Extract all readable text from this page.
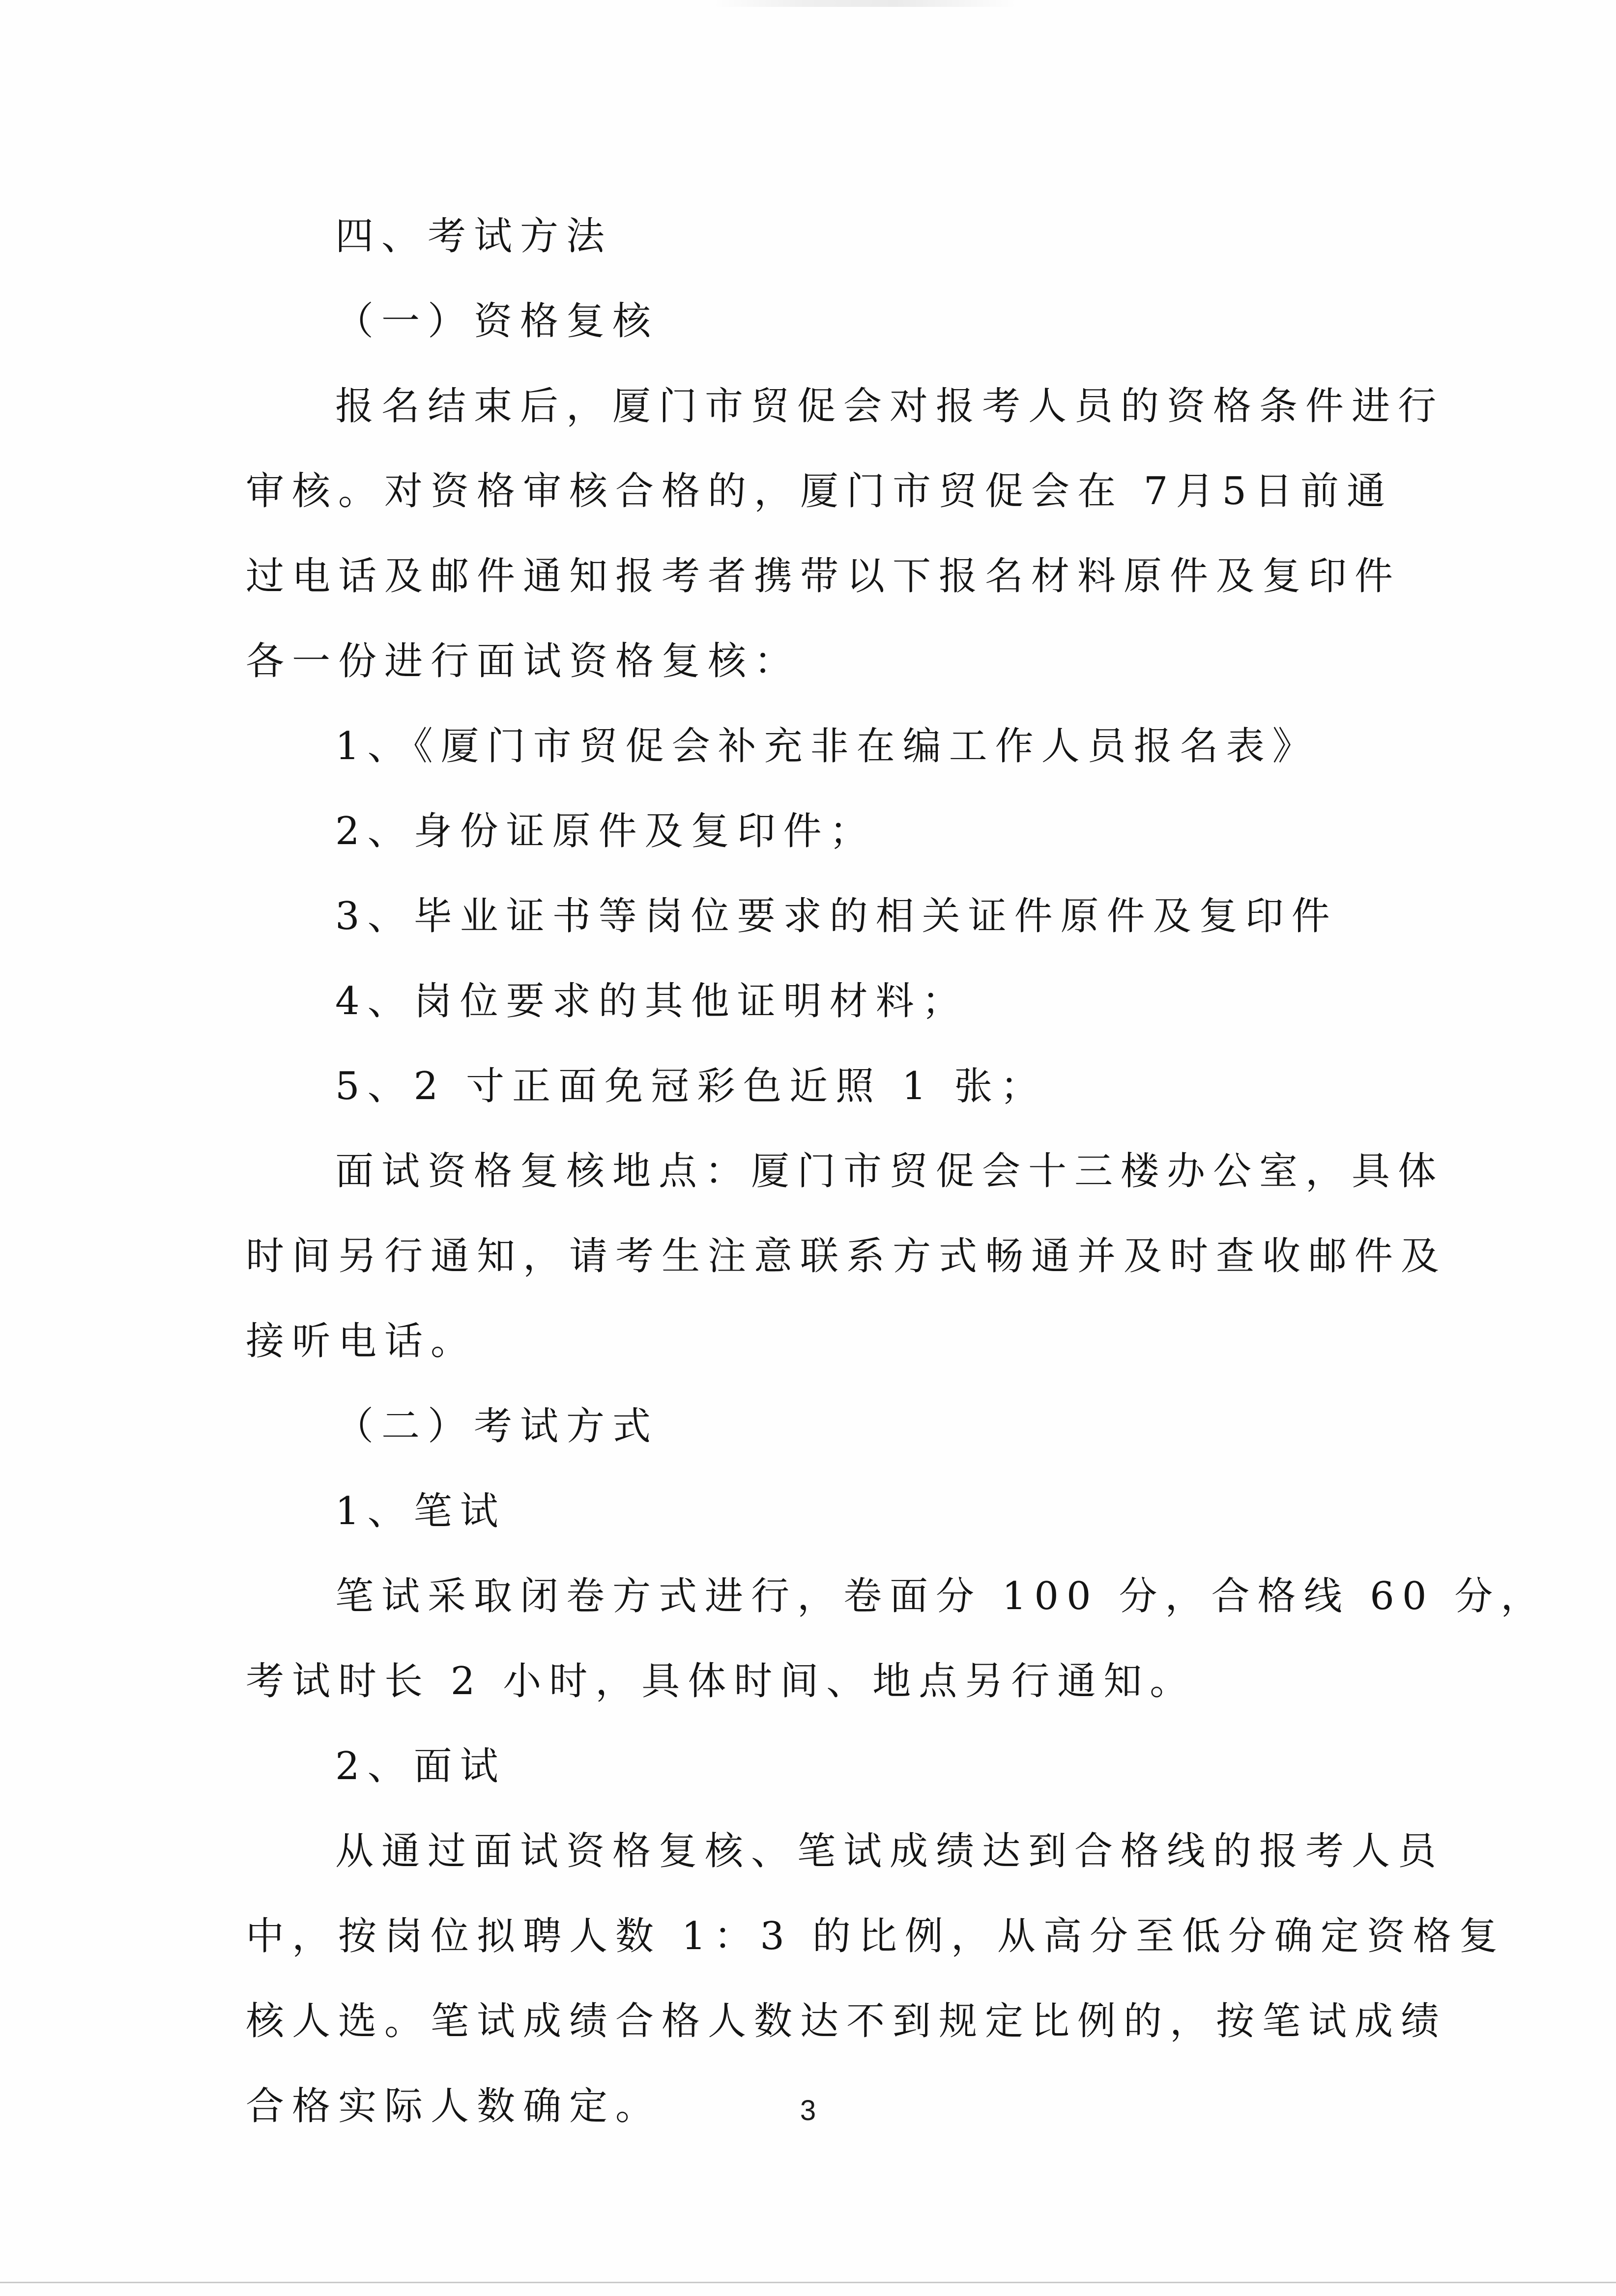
四、考试方法
（一）资格复核
报名结束后，厦门市贸促会对报考人员的资格条件进行
审核。对资格审核合格的，厦门市贸促会在 7月5日前通
过电话及邮件通知报考者携带以下报名材料原件及复印件
各一份进行面试资格复核：
1、《厦门市贸促会补充非在编工作人员报名表》
2、身份证原件及复印件；
3、毕业证书等岗位要求的相关证件原件及复印件
4、岗位要求的其他证明材料；
5、2 寸正面免冠彩色近照 1 张；
面试资格复核地点：厦门市贸促会十三楼办公室，具体
时间另行通知，请考生注意联系方式畅通并及时查收邮件及
接听电话。
（二）考试方式
1、笔试
笔试采取闭卷方式进行，卷面分 100 分，合格线 60 分，
考试时长 2 小时，具体时间、地点另行通知。
2、面试
从通过面试资格复核、笔试成绩达到合格线的报考人员
中，按岗位拟聘人数 1：3 的比例，从高分至低分确定资格复
核人选。笔试成绩合格人数达不到规定比例的，按笔试成绩
合格实际人数确定。	3
